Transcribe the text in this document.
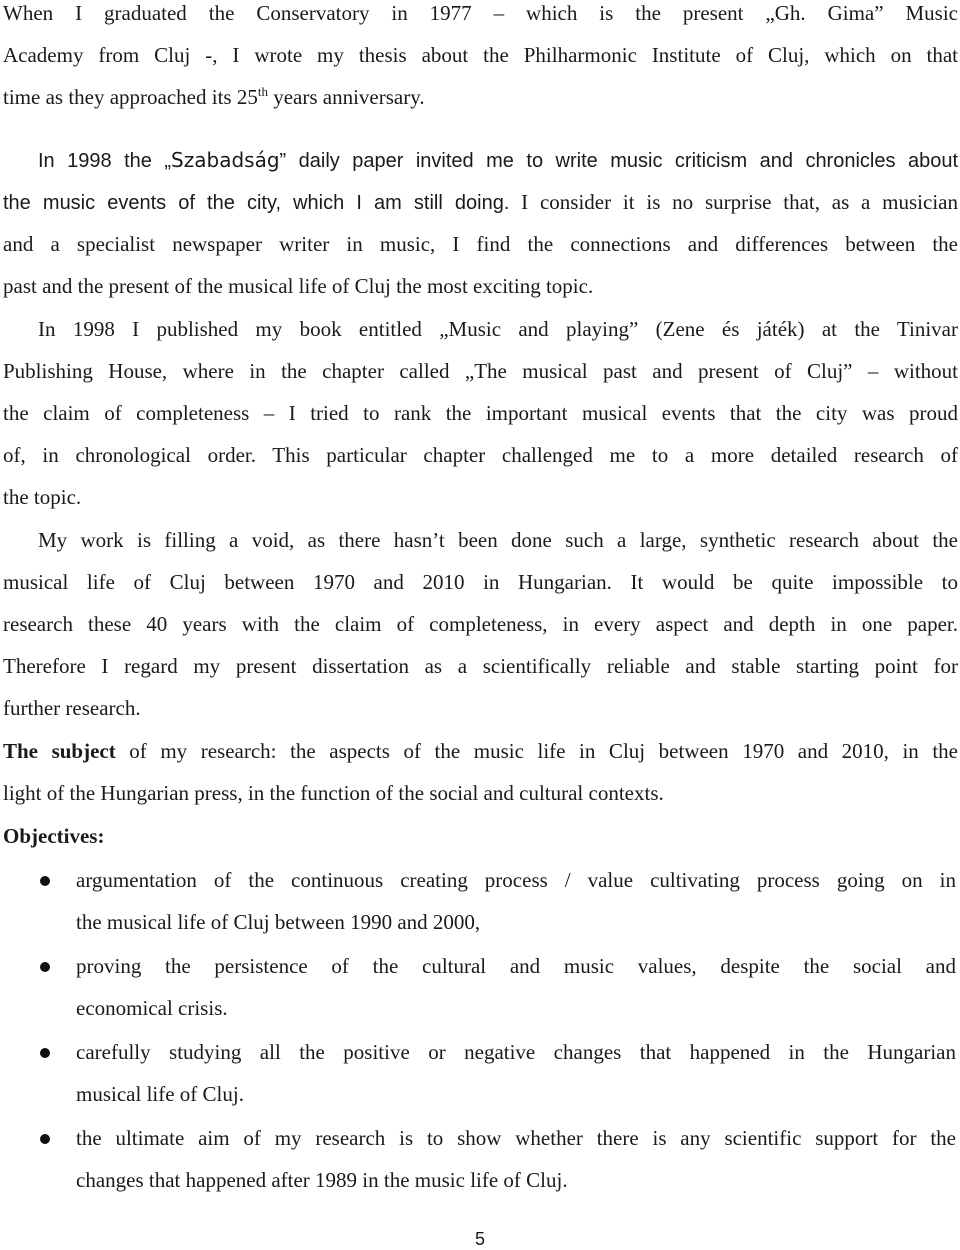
When I graduated the Conservatory in 1977 – which is the present „Gh. Gima” Music
Academy from Cluj -, I wrote my thesis about the Philharmonic Institute of Cluj, which on that
time as they approached its 25th years anniversary.
In 1998 the „Szabadság” daily paper invited me to write music criticism and chronicles about
the music events of the city, which I am still doing. I consider it is no surprise that, as a musician
and a specialist newspaper writer in music, I find the connections and differences between the
past and the present of the musical life of Cluj the most exciting topic.
In 1998 I published my book entitled „Music and playing” (Zene és játék) at the Tinivar
Publishing House, where in the chapter called „The musical past and present of Cluj” – without
the claim of completeness – I tried to rank the important musical events that the city was proud
of, in chronological order. This particular chapter challenged me to a more detailed research of
the topic.
My work is filling a void, as there hasn’t been done such a large, synthetic research about the
musical life of Cluj between 1970 and 2010 in Hungarian. It would be quite impossible to
research these 40 years with the claim of completeness, in every aspect and depth in one paper.
Therefore I regard my present dissertation as a scientifically reliable and stable starting point for
further research.
The subject of my research: the aspects of the music life in Cluj between 1970 and 2010, in the
light of the Hungarian press, in the function of the social and cultural contexts.
Objectives:
argumentation of the continuous creating process / value cultivating process going on in
the musical life of Cluj between 1990 and 2000,
proving the persistence of the cultural and music values, despite the social and
economical crisis.
carefully studying all the positive or negative changes that happened in the Hungarian
musical life of Cluj.
the ultimate aim of my research is to show whether there is any scientific support for the
changes that happened after 1989 in the music life of Cluj.
5
